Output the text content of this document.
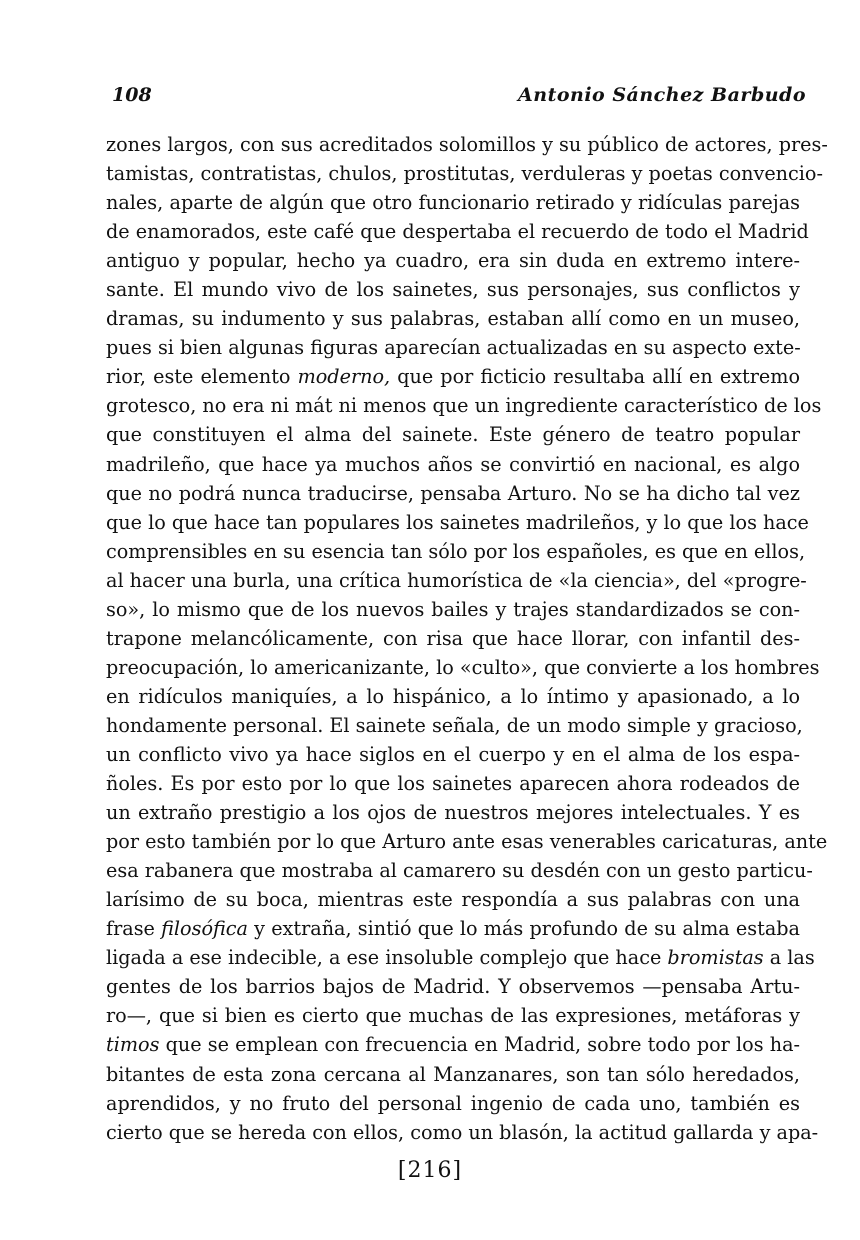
108	Antonio Sánchez Barbudo
zones largos, con sus acreditados solomillos y su público de actores, pres-
tamistas, contratistas, chulos, prostitutas, verduleras y poetas convencio-
nales, aparte de algún que otro funcionario retirado y ridículas parejas
de enamorados, este café que despertaba el recuerdo de todo el Madrid
antiguo y popular, hecho ya cuadro, era sin duda en extremo intere-
sante. El mundo vivo de los sainetes, sus personajes, sus conflictos y
dramas, su indumento y sus palabras, estaban allí como en un museo,
pues si bien algunas figuras aparecían actualizadas en su aspecto exte-
rior, este elemento moderno, que por ficticio resultaba allí en extremo
grotesco, no era ni mát ni menos que un ingrediente característico de los
que constituyen el alma del sainete. Este género de teatro popular
madrileño, que hace ya muchos años se convirtió en nacional, es algo
que no podrá nunca traducirse, pensaba Arturo. No se ha dicho tal vez
que lo que hace tan populares los sainetes madrileños, y lo que los hace
comprensibles en su esencia tan sólo por los españoles, es que en ellos,
al hacer una burla, una crítica humorística de «la ciencia», del «progre-
so», lo mismo que de los nuevos bailes y trajes standardizados se con-
trapone melancólicamente, con risa que hace llorar, con infantil des-
preocupación, lo americanizante, lo «culto», que convierte a los hombres
en ridículos maniquíes, a lo hispánico, a lo íntimo y apasionado, a lo
hondamente personal. El sainete señala, de un modo simple y gracioso,
un conflicto vivo ya hace siglos en el cuerpo y en el alma de los espa-
ñoles. Es por esto por lo que los sainetes aparecen ahora rodeados de
un extraño prestigio a los ojos de nuestros mejores intelectuales. Y es
por esto también por lo que Arturo ante esas venerables caricaturas, ante
esa rabanera que mostraba al camarero su desdén con un gesto particu-
larísimo de su boca, mientras este respondía a sus palabras con una
frase filosófica y extraña, sintió que lo más profundo de su alma estaba
ligada a ese indecible, a ese insoluble complejo que hace bromistas a las
gentes de los barrios bajos de Madrid. Y observemos —pensaba Artu-
ro—, que si bien es cierto que muchas de las expresiones, metáforas y
timos que se emplean con frecuencia en Madrid, sobre todo por los ha-
bitantes de esta zona cercana al Manzanares, son tan sólo heredados,
aprendidos, y no fruto del personal ingenio de cada uno, también es
cierto que se hereda con ellos, como un blasón, la actitud gallarda y apa-
[216]
